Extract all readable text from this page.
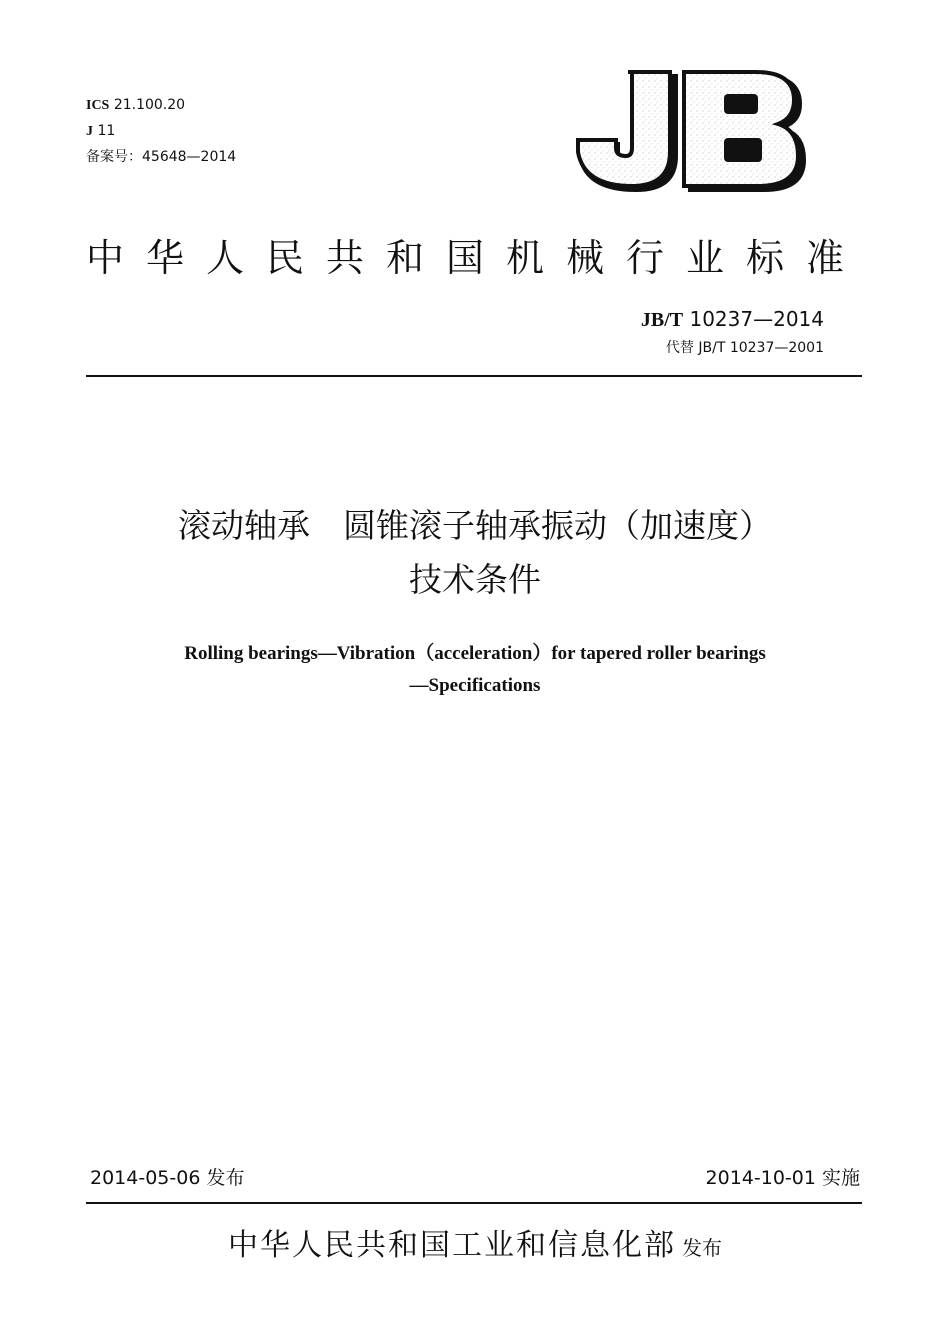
ICS 21.100.20
J 11
备案号：45648—2014
中华人民共和国机械行业标准
JB/T 10237—2014
代替 JB/T 10237—2001
滚动轴承　圆锥滚子轴承振动（加速度）
技术条件
Rolling bearings—Vibration（acceleration）for tapered roller bearings
—Specifications
2014-05-06 发布	2014-10-01 实施
中华人民共和国工业和信息化部 发布
